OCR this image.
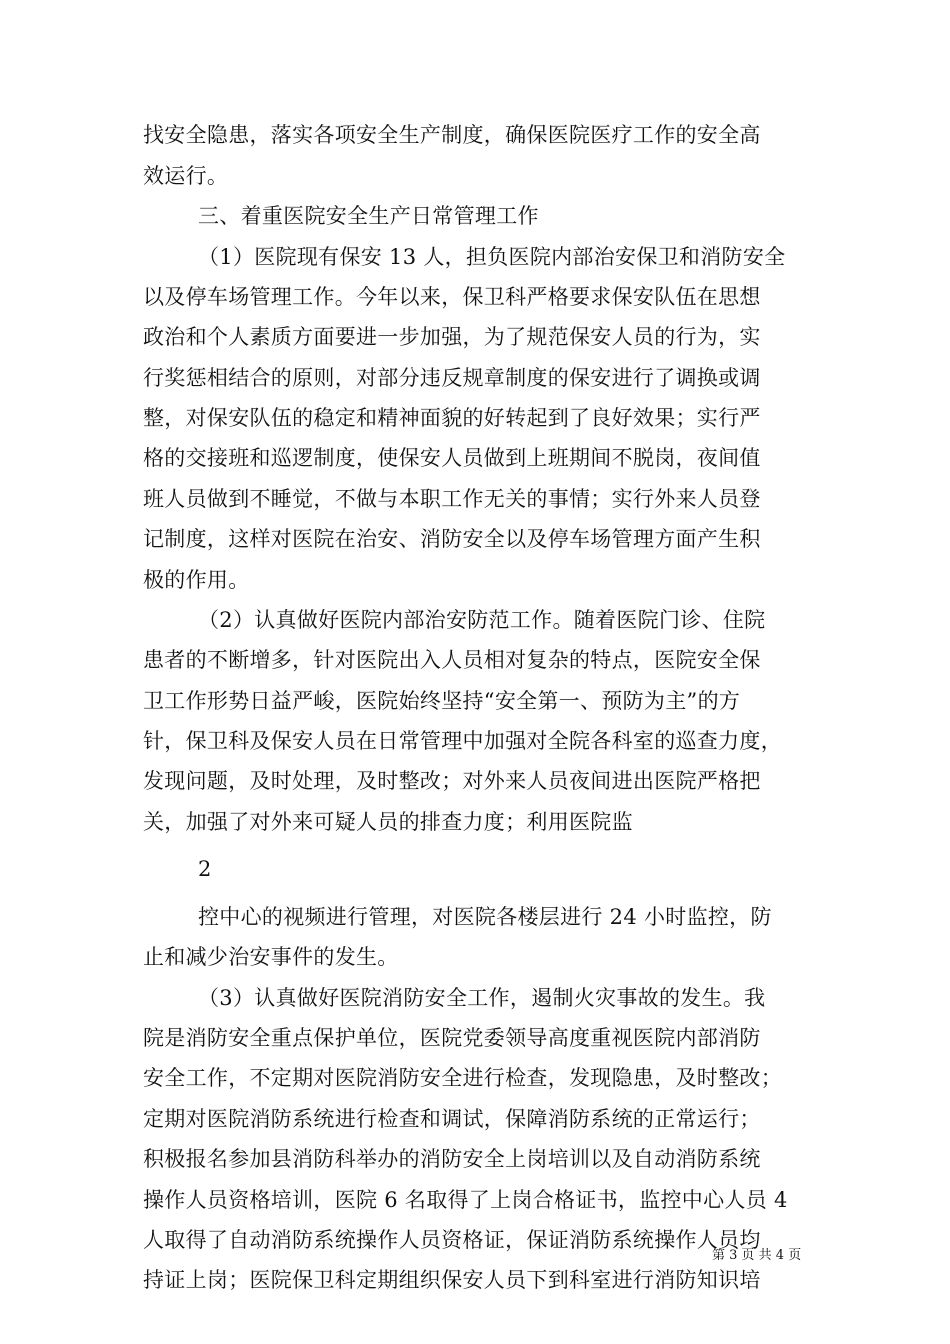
找安全隐患，落实各项安全生产制度，确保医院医疗工作的安全高
效运行。
三、着重医院安全生产日常管理工作
（1）医院现有保安 13 人，担负医院内部治安保卫和消防安全
以及停车场管理工作。今年以来，保卫科严格要求保安队伍在思想
政治和个人素质方面要进一步加强，为了规范保安人员的行为，实
行奖惩相结合的原则，对部分违反规章制度的保安进行了调换或调
整，对保安队伍的稳定和精神面貌的好转起到了良好效果；实行严
格的交接班和巡逻制度，使保安人员做到上班期间不脱岗，夜间值
班人员做到不睡觉，不做与本职工作无关的事情；实行外来人员登
记制度，这样对医院在治安、消防安全以及停车场管理方面产生积
极的作用。
（2）认真做好医院内部治安防范工作。随着医院门诊、住院
患者的不断增多，针对医院出入人员相对复杂的特点，医院安全保
卫工作形势日益严峻，医院始终坚持“安全第一、预防为主”的方
针，保卫科及保安人员在日常管理中加强对全院各科室的巡查力度，
发现问题，及时处理，及时整改；对外来人员夜间进出医院严格把
关，加强了对外来可疑人员的排查力度；利用医院监
2
控中心的视频进行管理，对医院各楼层进行 24 小时监控，防
止和减少治安事件的发生。
（3）认真做好医院消防安全工作，遏制火灾事故的发生。我
院是消防安全重点保护单位，医院党委领导高度重视医院内部消防
安全工作，不定期对医院消防安全进行检查，发现隐患，及时整改；
定期对医院消防系统进行检查和调试，保障消防系统的正常运行；
积极报名参加县消防科举办的消防安全上岗培训以及自动消防系统
操作人员资格培训，医院 6 名取得了上岗合格证书，监控中心人员 4
人取得了自动消防系统操作人员资格证，保证消防系统操作人员均
持证上岗；医院保卫科定期组织保安人员下到科室进行消防知识培
第 3 页 共 4 页
